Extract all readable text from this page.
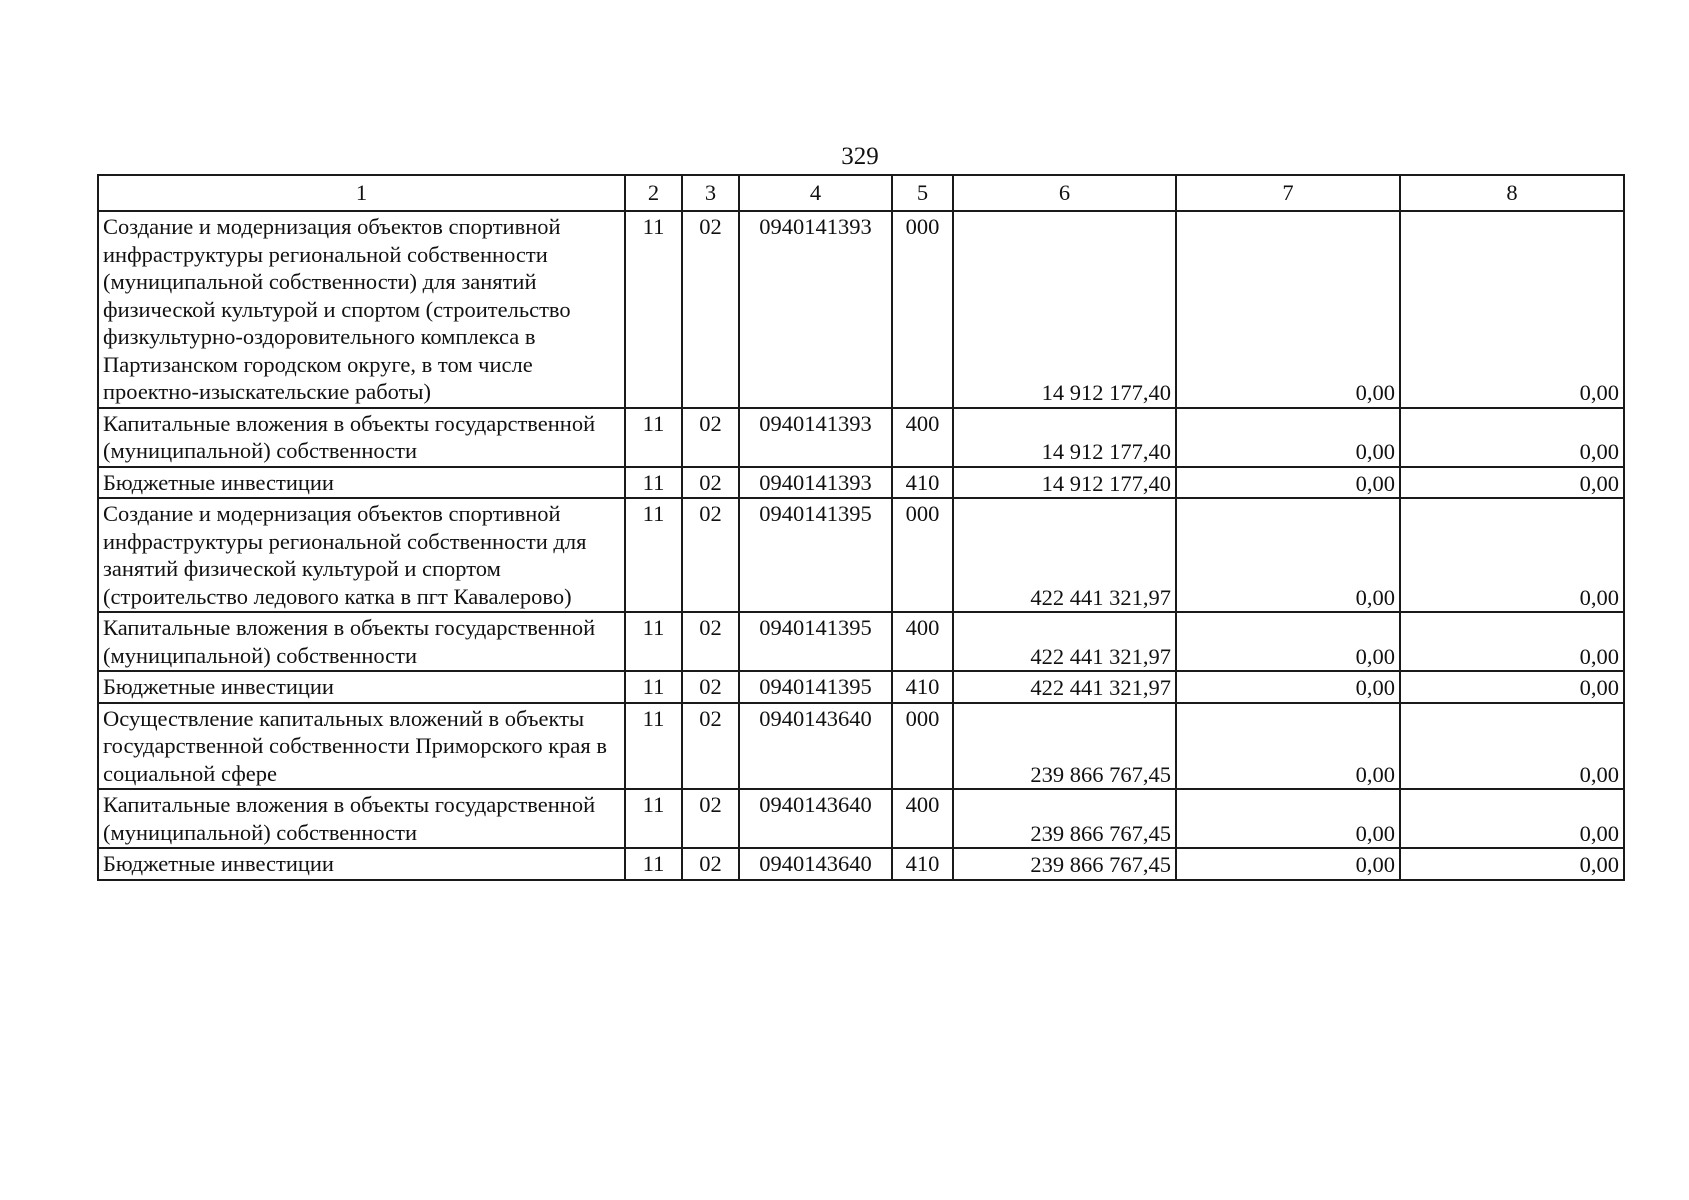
329
1	2	3	4	5	6	7	8
Создание и модернизация объектов спортивной инфраструктуры региональной собственности (муниципальной собственности) для занятий физической культурой и спортом (строительство физкультурно-оздоровительного комплекса в Партизанском городском округе, в том числе проектно-изыскательские работы)	11	02	0940141393	000	14 912 177,40	0,00	0,00
Капитальные вложения в объекты государственной (муниципальной) собственности	11	02	0940141393	400	14 912 177,40	0,00	0,00
Бюджетные инвестиции	11	02	0940141393	410	14 912 177,40	0,00	0,00
Создание и модернизация объектов спортивной инфраструктуры региональной собственности для занятий физической культурой и спортом (строительство ледового катка в пгт Кавалерово)	11	02	0940141395	000	422 441 321,97	0,00	0,00
Капитальные вложения в объекты государственной (муниципальной) собственности	11	02	0940141395	400	422 441 321,97	0,00	0,00
Бюджетные инвестиции	11	02	0940141395	410	422 441 321,97	0,00	0,00
Осуществление капитальных вложений в объекты государственной собственности Приморского края в социальной сфере	11	02	0940143640	000	239 866 767,45	0,00	0,00
Капитальные вложения в объекты государственной (муниципальной) собственности	11	02	0940143640	400	239 866 767,45	0,00	0,00
Бюджетные инвестиции	11	02	0940143640	410	239 866 767,45	0,00	0,00
